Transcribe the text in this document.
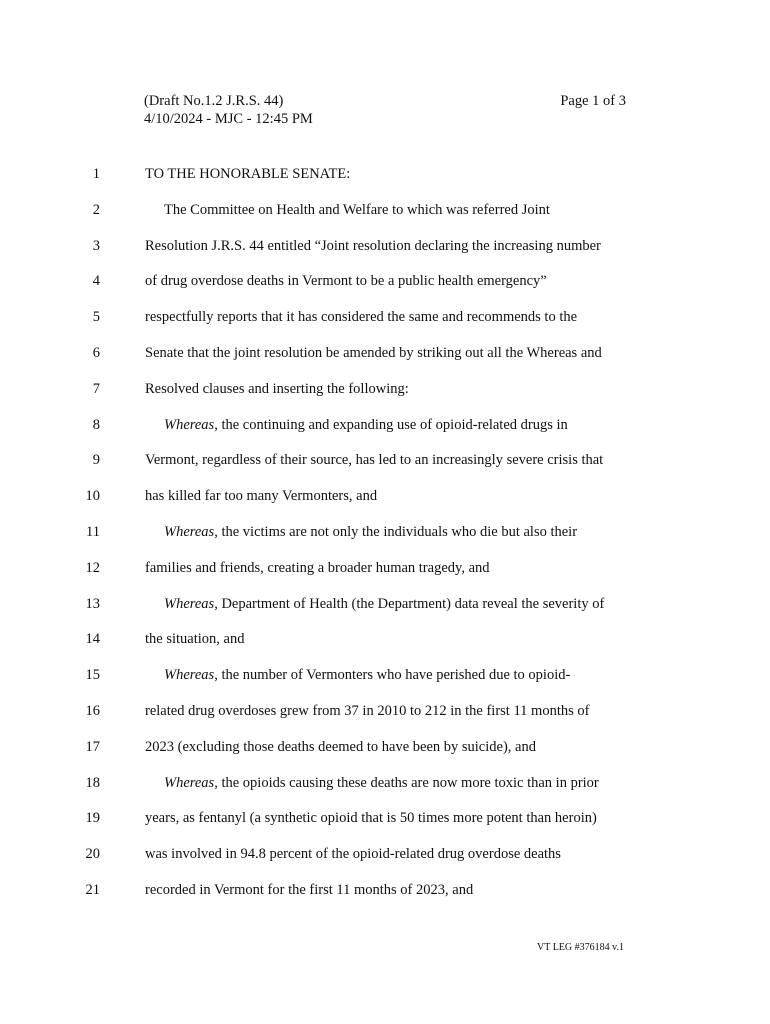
(Draft No.1.2 J.R.S. 44)	Page 1 of 3
4/10/2024 - MJC - 12:45 PM
1	TO THE HONORABLE SENATE:
2	The Committee on Health and Welfare to which was referred Joint
3	Resolution J.R.S. 44 entitled “Joint resolution declaring the increasing number
4	of drug overdose deaths in Vermont to be a public health emergency”
5	respectfully reports that it has considered the same and recommends to the
6	Senate that the joint resolution be amended by striking out all the Whereas and
7	Resolved clauses and inserting the following:
8	Whereas, the continuing and expanding use of opioid-related drugs in
9	Vermont, regardless of their source, has led to an increasingly severe crisis that
10	has killed far too many Vermonters, and
11	Whereas, the victims are not only the individuals who die but also their
12	families and friends, creating a broader human tragedy, and
13	Whereas, Department of Health (the Department) data reveal the severity of
14	the situation, and
15	Whereas, the number of Vermonters who have perished due to opioid-
16	related drug overdoses grew from 37 in 2010 to 212 in the first 11 months of
17	2023 (excluding those deaths deemed to have been by suicide), and
18	Whereas, the opioids causing these deaths are now more toxic than in prior
19	years, as fentanyl (a synthetic opioid that is 50 times more potent than heroin)
20	was involved in 94.8 percent of the opioid-related drug overdose deaths
21	recorded in Vermont for the first 11 months of 2023, and
VT LEG #376184 v.1
